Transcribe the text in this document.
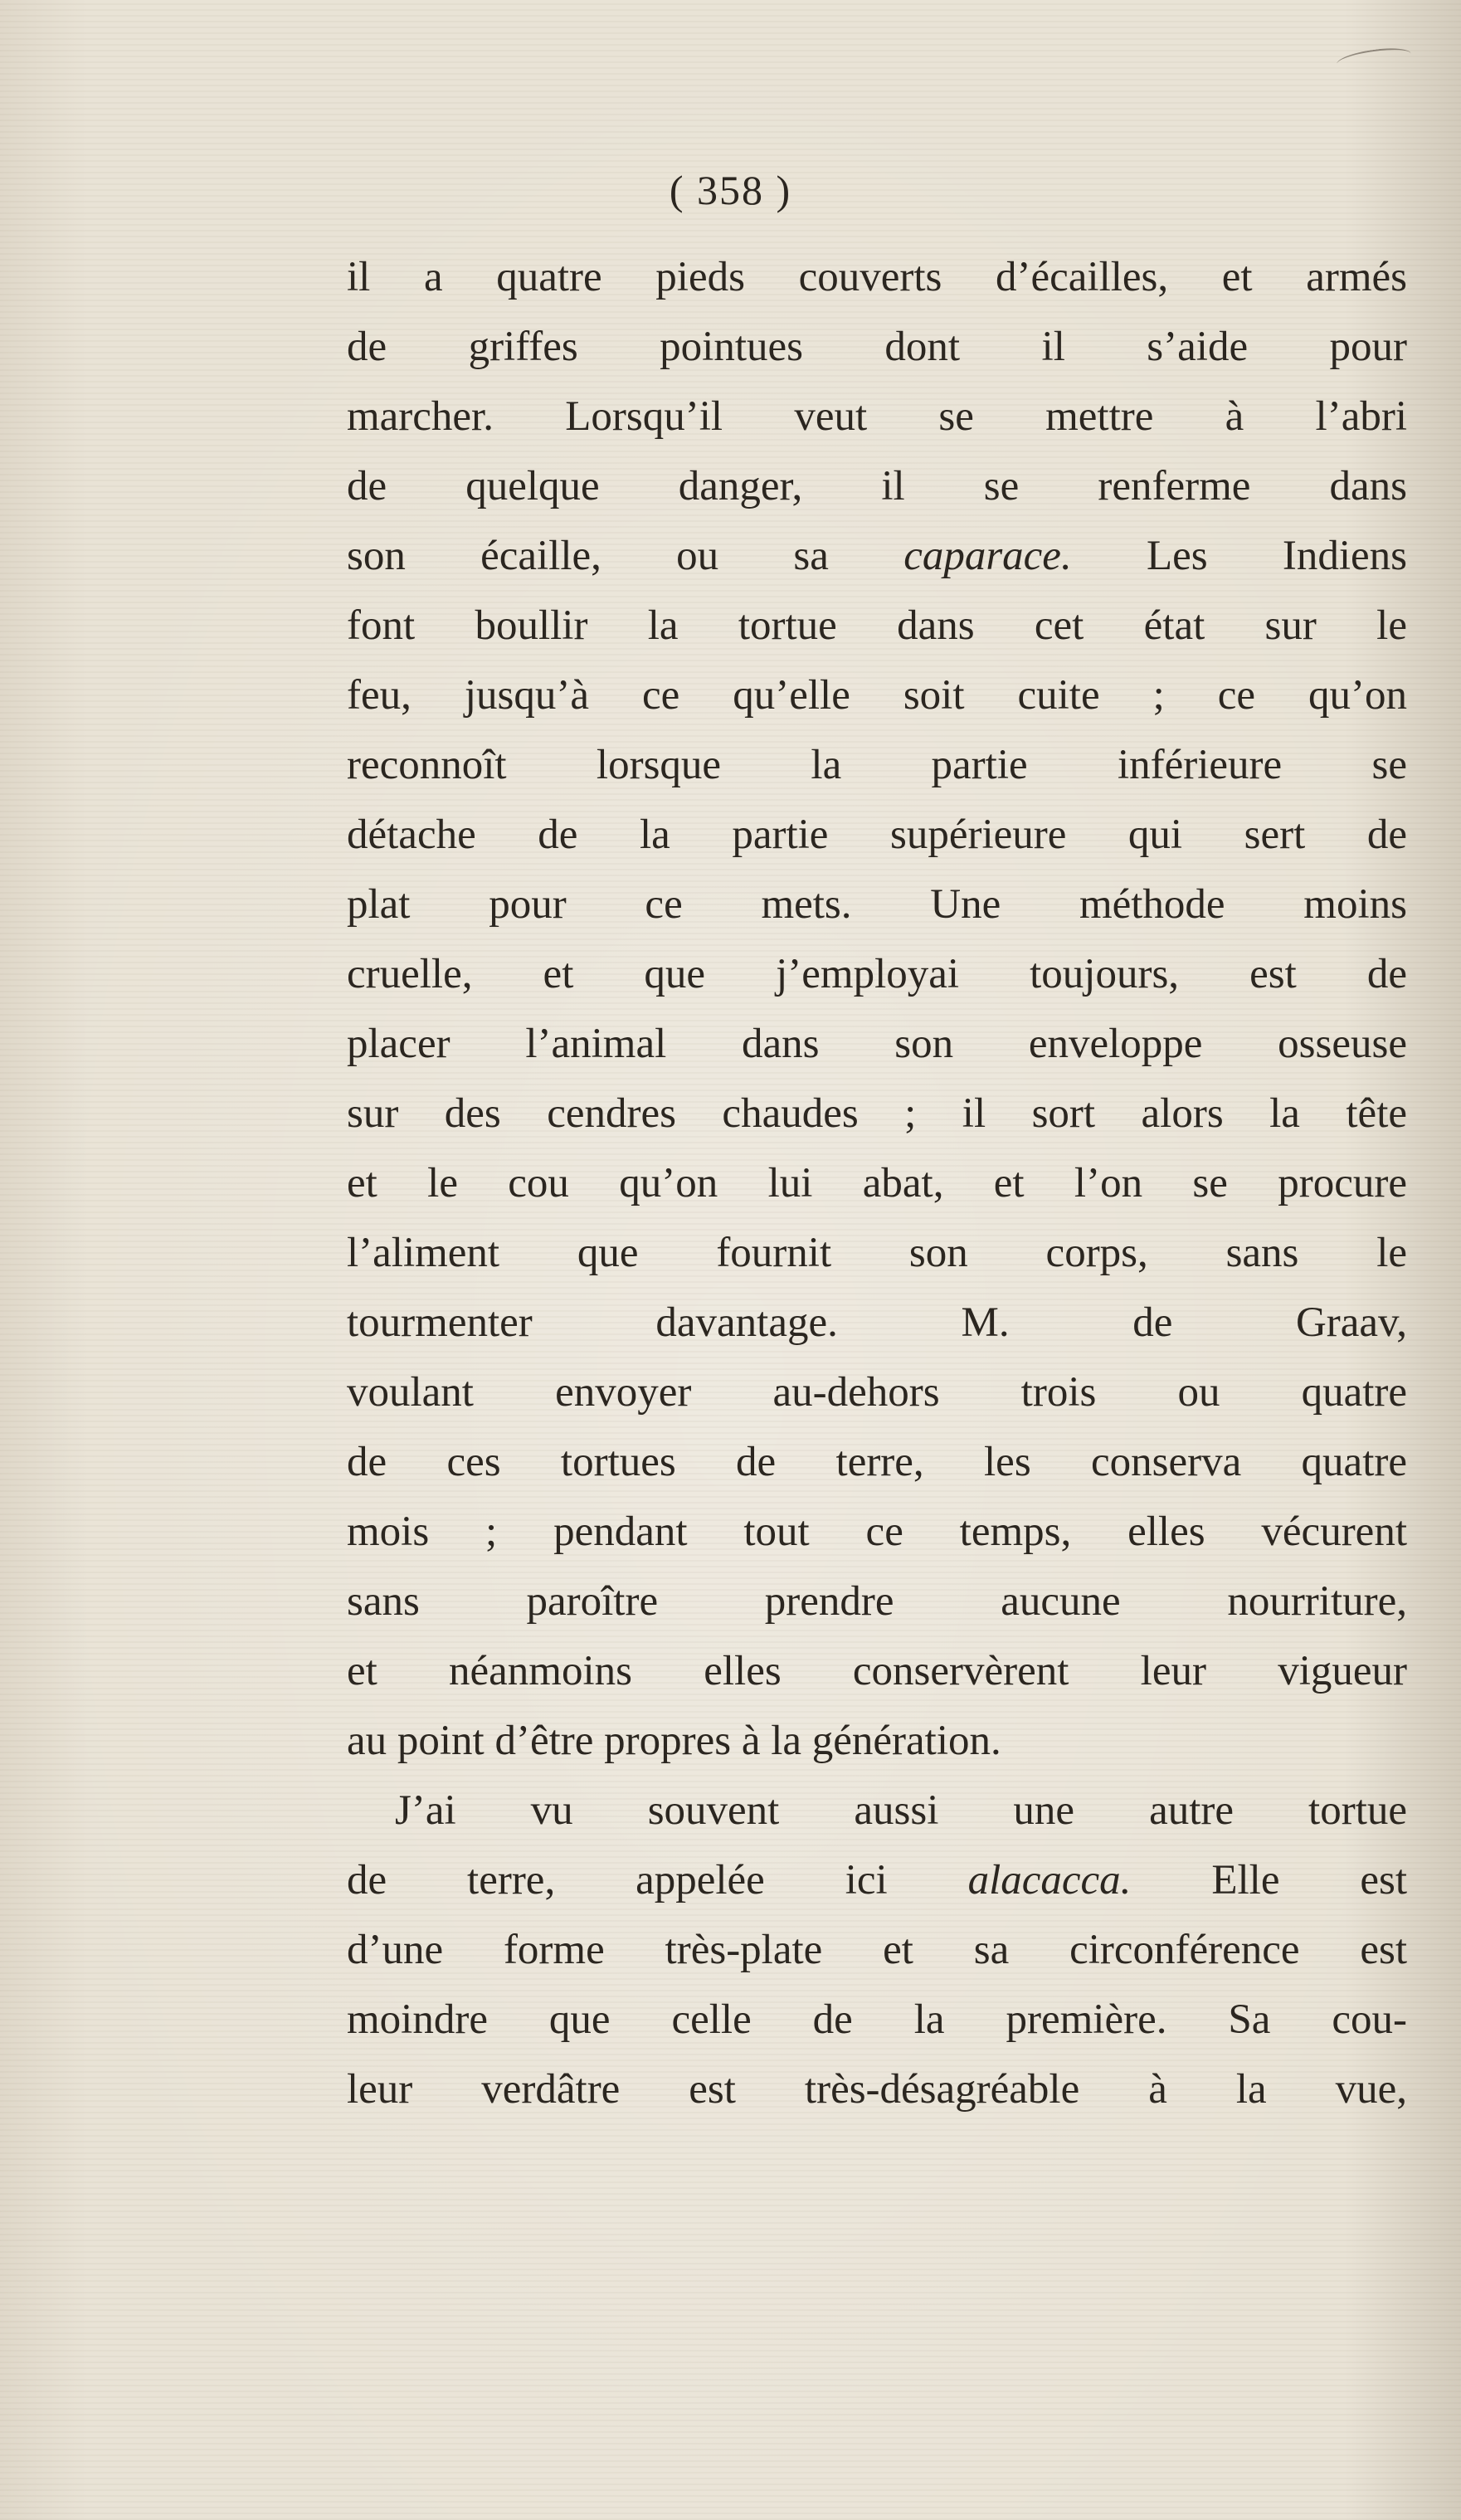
( 358 )
il a quatre pieds couverts d’écailles, et armés
de griffes pointues dont il s’aide pour
marcher. Lorsqu’il veut se mettre à l’abri
de quelque danger, il se renferme dans
son écaille, ou sa caparace. Les Indiens
font boullir la tortue dans cet état sur le
feu, jusqu’à ce qu’elle soit cuite ; ce qu’on
reconnoît lorsque la partie inférieure se
détache de la partie supérieure qui sert de
plat pour ce mets. Une méthode moins
cruelle, et que j’employai toujours, est de
placer l’animal dans son enveloppe osseuse
sur des cendres chaudes ; il sort alors la tête
et le cou qu’on lui abat, et l’on se procure
l’aliment que fournit son corps, sans le
tourmenter davantage. M. de Graav,
voulant envoyer au-dehors trois ou quatre
de ces tortues de terre, les conserva quatre
mois ; pendant tout ce temps, elles vécurent
sans paroître prendre aucune nourriture,
et néanmoins elles conservèrent leur vigueur
au point d’être propres à la génération.
J’ai vu souvent aussi une autre tortue
de terre, appelée ici alacacca. Elle est
d’une forme très-plate et sa circonférence est
moindre que celle de la première. Sa cou-
leur verdâtre est très-désagréable à la vue,
